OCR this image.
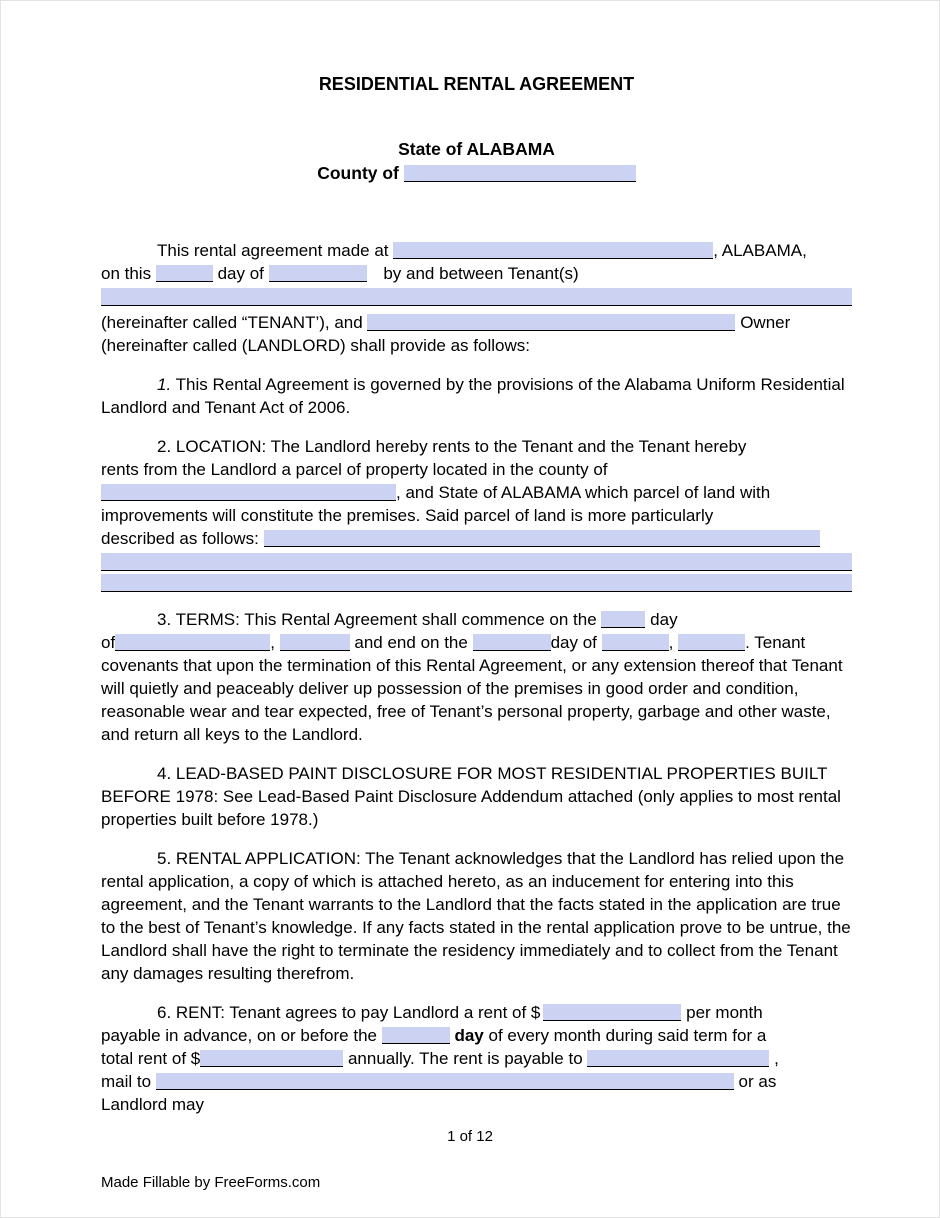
RESIDENTIAL RENTAL AGREEMENT
State of ALABAMA
County of
This rental agreement made at	, ALABAMA,
on this	day of	by and between Tenant(s)
(hereinafter called “TENANT’), and	Owner
(hereinafter called (LANDLORD) shall provide as follows:

1. This Rental Agreement is governed by the provisions of the Alabama Uniform Residential Landlord and Tenant Act of 2006.

2. LOCATION: The Landlord hereby rents to the Tenant and the Tenant hereby
rents from the Landlord a parcel of property located in the county of
, and State of ALABAMA which parcel of land with
improvements will constitute the premises. Said parcel of land is more particularly
described as follows:
3. TERMS: This Rental Agreement shall commence on the	day
of	,	and end on the	day of	,	. Tenant
covenants that upon the termination of this Rental Agreement, or any extension thereof that Tenant will quietly and peaceably deliver up possession of the premises in good order and condition, reasonable wear and tear expected, free of Tenant’s personal property, garbage and other waste, and return all keys to the Landlord.

4. LEAD-BASED PAINT DISCLOSURE FOR MOST RESIDENTIAL PROPERTIES BUILT BEFORE 1978: See Lead-Based Paint Disclosure Addendum attached (only applies to most rental properties built before 1978.)

5. RENTAL APPLICATION: The Tenant acknowledges that the Landlord has relied upon the rental application, a copy of which is attached hereto, as an inducement for entering into this agreement, and the Tenant warrants to the Landlord that the facts stated in the application are true to the best of Tenant’s knowledge. If any facts stated in the rental application prove to be untrue, the Landlord shall have the right to terminate the residency immediately and to collect from the Tenant any damages resulting therefrom.

6. RENT: Tenant agrees to pay Landlord a rent of $	per month
payable in advance, on or before the	day of every month during said term for a
total rent of $	annually. The rent is payable to	,
mail to	or as
Landlord may
1 of 12
Made Fillable by FreeForms.com
